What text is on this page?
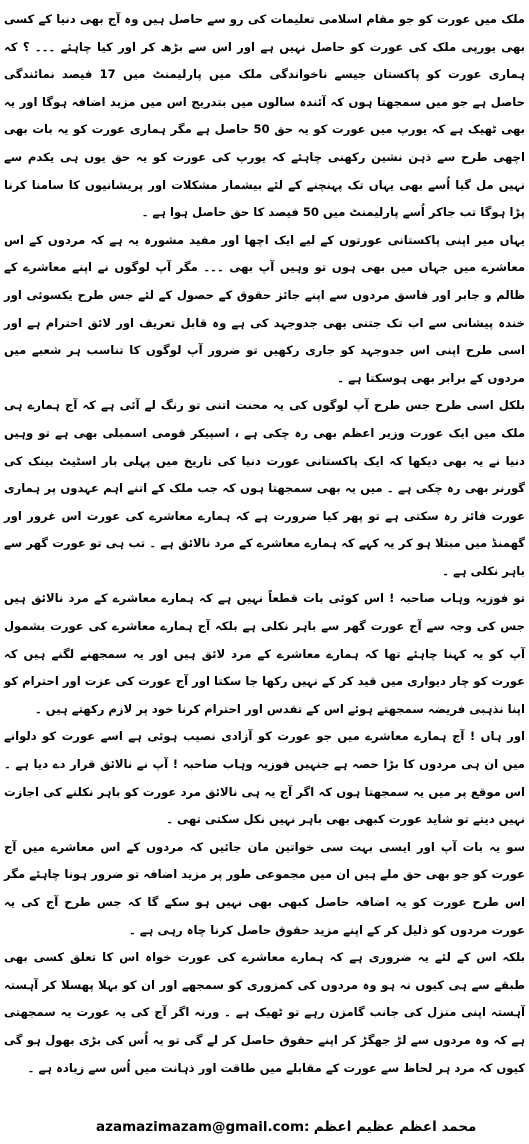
ملک میں عورت کو جو مقام اسلامی تعلیمات کی رو سے حاصل ہیں وہ آج بھی دنیا کے کسی بھی یورپی ملک کی عورت کو حاصل نہیں ہے اور اس سے بڑھ کر اور کیا چاہئے ۔۔۔ ؟ کہ ہماری عورت کو پاکستان جیسے ناخواندگی ملک میں پارلیمنٹ میں 17 فیصد نمائندگی حاصل ہے جو میں سمجھتا ہوں کہ آئندہ سالوں میں بتدریج اس میں مزید اضافہ ہوگا اور یہ بھی ٹھیک ہے کہ یورپ میں عورت کو یہ حق 50 حاصل ہے مگر ہماری عورت کو یہ بات بھی اچھی طرح سے ذہن نشین رکھنی چاہئے کہ یورپ کی عورت کو یہ حق یوں ہی یکدم سے نہیں مل گیا اُسے بھی یہاں تک پہنچنے کے لئے بیشمار مشکلات اور پریشانیوں کا سامنا کرنا پڑا ہوگا تب جاکر اُسے پارلیمنٹ میں 50 فیصد کا حق حاصل ہوا ہے ۔

یہاں میر اپنی پاکستانی عورتوں کے لیے ایک اچھا اور مفید مشورہ یہ ہے کہ مردوں کے اس معاشرے میں جہاں میں بھی ہوں تو وہیں آپ بھی ۔۔۔ مگر آپ لوگوں نے اپنے معاشرے کے ظالم و جابر اور فاسق مردوں سے اپنے جائز حقوق کے حصول کے لئے جس طرح یکسوئی اور خندہ پیشانی سے اب تک جتنی بھی جدوجہد کی ہے وہ قابل تعریف اور لائق احترام ہے اور اسی طرح اپنی اس جدوجہد کو جاری رکھیں تو ضرور آپ لوگوں کا تناسب ہر شعبے میں مردوں کے برابر بھی ہوسکتا ہے ۔

بلکل اسی طرح جس طرح آپ لوگوں کی یہ محنت اتنی تو رنگ لے آئی ہے کہ آج ہمارے ہی ملک میں ایک عورت وزیر اعظم بھی رہ چکی ہے ، اسپیکر قومی اسمبلی بھی ہے تو وہیں دنیا نے یہ بھی دیکھا کہ ایک پاکستانی عورت دنیا کی تاریخ میں پہلی بار اسٹیٹ بینک کی گورنر بھی رہ چکی ہے ۔ میں یہ بھی سمجھتا ہوں کہ جب ملک کے اتنے اہم عہدوں پر ہماری عورت فائز رہ سکتی ہے تو پھر کیا ضرورت ہے کہ ہمارے معاشرے کی عورت اس غرور اور گھمنڈ میں مبتلا ہو کر یہ کہے کہ ہمارے معاشرے کے مرد نالائق ہے ۔ تب ہی تو عورت گھر سے باہر نکلی ہے ۔

تو فوزیہ وہاب صاحبہ ! اس کوئی بات قطعاً نہیں ہے کہ ہمارے معاشرے کے مرد نالائق ہیں جس کی وجہ سے آج عورت گھر سے باہر نکلی ہے بلکہ آج ہمارے معاشرے کی عورت بشمول آپ کو یہ کہنا چاہئے تھا کہ ہمارے معاشرے کے مرد لائق ہیں اور یہ سمجھنے لگنے ہیں کہ عورت کو چار دیواری میں قید کر کے نہیں رکھا جا سکتا اور آج عورت کی عزت اور احترام کو اپنا نذہبی فریضہ سمجھتے ہوئے اس کے تقدس اور احترام کرنا خود پر لازم رکھتے ہیں ۔

اور ہاں ! آج ہمارے معاشرے میں جو عورت کو آزادی نصیب ہوئی ہے اسے عورت کو دلوانے میں ان ہی مردوں کا بڑا حصہ ہے جنہیں فوزیہ وہاب صاحبہ ! آپ نے نالائق قرار دے دیا ہے ۔ اس موقع پر میں یہ سمجھتا ہوں کہ اگر آج یہ ہی نالائق مرد عورت کو باہر نکلنے کی اجازت نہیں دیتے تو شاید عورت کبھی بھی باہر نہیں نکل سکتی تھی ۔

سو یہ بات آپ اور ایسی بہت سی خواتین مان جائیں کہ مردوں کے اس معاشرے میں آج عورت کو جو بھی حق ملے ہیں ان میں مجموعی طور پر مزید اضافہ تو ضرور ہونا چاہئے مگر اس طرح عورت کو یہ اضافہ حاصل کبھی بھی نہیں ہو سکے گا کہ جس طرح آج کی یہ عورت مردوں کو ذلیل کر کے اپنے مزید حقوق حاصل کرنا چاہ رہی ہے ۔

بلکہ اس کے لئے یہ ضروری ہے کہ ہمارے معاشرے کی عورت خواہ اس کا تعلق کسی بھی طبقے سے ہی کیوں نہ ہو وہ مردوں کی کمزوری کو سمجھے اور ان کو بہلا پھسلا کر آہستہ آہستہ اپنی منزل کی جانب گامزن رہے تو ٹھیک ہے ۔ ورنہ اگر آج کی یہ عورت یہ سمجھتی ہے کہ وہ مردوں سے لڑ جھگڑ کر اپنے حقوق حاصل کر لے گی تو یہ اُس کی بڑی بھول ہو گی کیوں کہ مرد ہر لحاظ سے عورت کے مقابلے میں طاقت اور ذہانت میں اُس سے زیادہ ہے ۔

azamazimazam@gmail.com: محمد اعظم عظیم اعظم
